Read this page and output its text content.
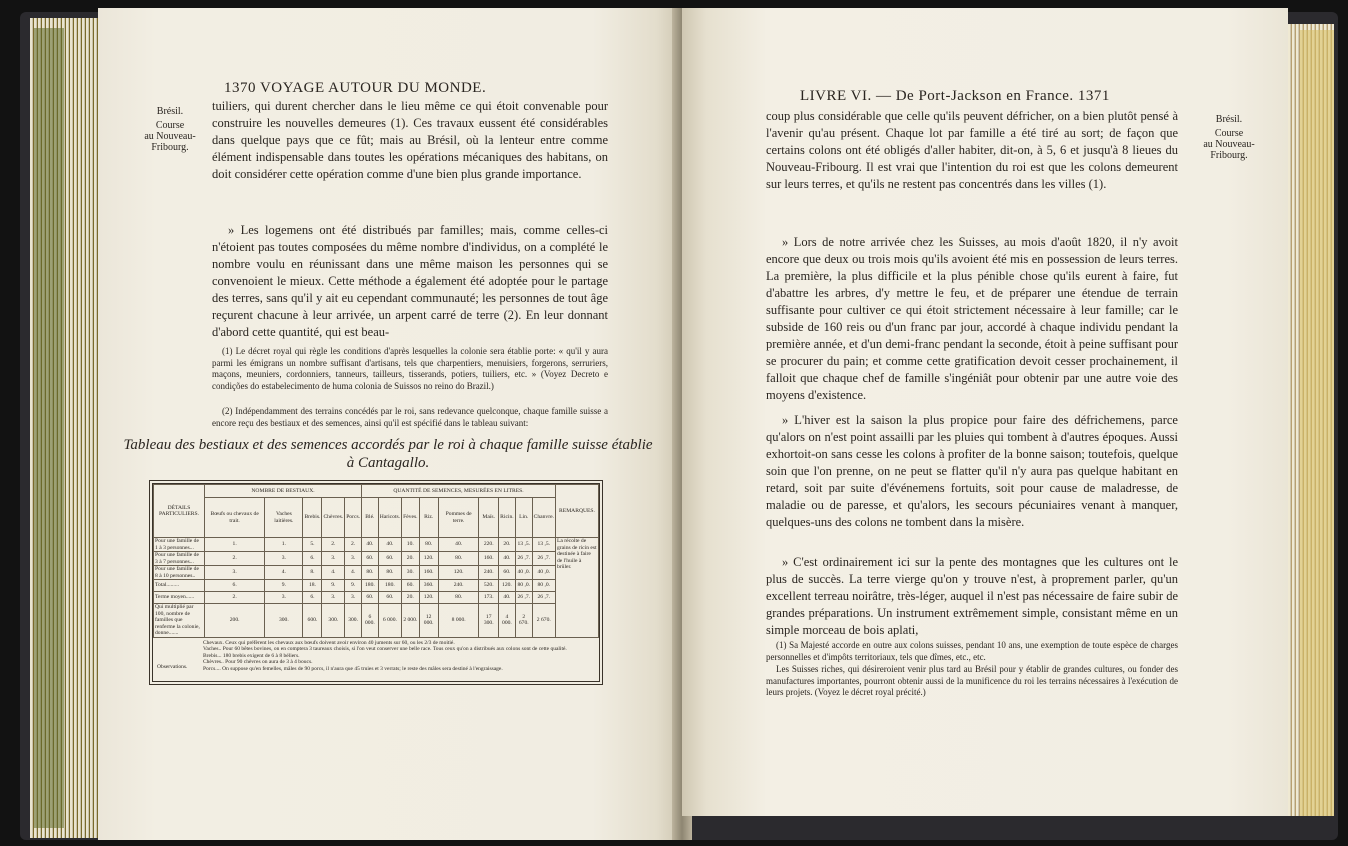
1370 VOYAGE AUTOUR DU MONDE.
Brésil.
Course
au Nouveau-
Fribourg.

tuiliers, qui durent chercher dans le lieu même ce qui étoit convenable pour construire les nouvelles demeures (1). Ces travaux eussent été considérables dans quelque pays que ce fût; mais au Brésil, où la lenteur entre comme élément indispensable dans toutes les opérations mécaniques des habitans, on doit considérer cette opération comme d'une bien plus grande importance.

» Les logemens ont été distribués par familles; mais, comme celles-ci n'étoient pas toutes composées du même nombre d'individus, on a complété le nombre voulu en réunissant dans une même maison les personnes qui se convenoient le mieux. Cette méthode a également été adoptée pour le partage des terres, sans qu'il y ait eu cependant communauté; les personnes de tout âge reçurent chacune à leur arrivée, un arpent carré de terre (2). En leur donnant d'abord cette quantité, qui est beau-

(1) Le décret royal qui règle les conditions d'après lesquelles la colonie sera établie porte: « qu'il y aura parmi les émigrans un nombre suffisant d'artisans, tels que charpentiers, menuisiers, forgerons, serruriers, maçons, meuniers, cordonniers, tanneurs, tailleurs, tisserands, potiers, tuiliers, etc. » (Voyez Decreto e condições do estabelecimento de huma colonia de Suissos no reino do Brazil.)

(2) Indépendamment des terrains concédés par le roi, sans redevance quelconque, chaque famille suisse a encore reçu des bestiaux et des semences, ainsi qu'il est spécifié dans le tableau suivant:

Tableau des bestiaux et des semences accordés par le roi à chaque famille suisse établie à Cantagallo.
DÉTAILS PARTICULIERS.	NOMBRE DE BESTIAUX.					QUANTITÉ DE SEMENCES, MESURÉES EN LITRES.									REMARQUES.
	Bœufs ou chevaux de trait.	Vaches laitières.	Brebis.	Chèvres.	Porcs.	Blé.	Haricots.	Fèves.	Riz.	Pommes de terre.	Maïs.	Ricin.	Lin.	Chanvre.	
Pour une famille de 1 à 3 personnes...	1.	1.	5.	2.	2.	40.	40.	10.	80.	40.	220.	20.	13 ,5.	13 ,5.	La récolte de grains de ricin est destinée à faire de l'huile à brûler.
Pour une famille de 3 à 7 personnes...	2.	3.	6.	3.	3.	60.	60.	20.	120.	80.	160.	40.	26 ,7.	26 ,7.	
Pour une famille de 8 à 10 personnes..	3.	4.	8.	4.	4.	80.	80.	30.	160.	120.	240.	60.	40 ,0.	40 ,0.	
Total.........	6.	9.	18.	9.	9.	180.	180.	60.	360.	240.	520.	120.	80 ,0.	80 ,0.	
Terme moyen......	2.	3.	6.	3.	3.	60.	60.	20.	120.	80.	173.	40.	26 ,7.	26 ,7.	
Qui multiplié par 100, nombre de familles que renferme la colonie, donne.......	200.	300.	600.	300.	300.	6 000.	6 000.	2 000.	12 000.	8 000.	17 300.	4 000.	2 670.	2 670.	
Observations.
Chevaux. Ceux qui préfèrent les chevaux aux bœufs doivent avoir environ 40 juments sur 60, ou les 2/3 de moitié.
Vaches.. Pour 60 bêtes bovines, on en comptera 3 taureaux choisis, si l'on veut conserver une belle race. Tous ceux qu'on a distribués aux colons sont de cette qualité.
Brebis... 180 brebis exigent de 6 à 8 béliers.
Chèvres.. Pour 90 chèvres on aura de 3 à 4 boucs.
Porcs.... On suppose qu'en femelles, mâles de 90 porcs, il n'aura que 45 truies et 3 verrats; le reste des mâles sera destiné à l'engraissage.
LIVRE VI. — De Port-Jackson en France. 1371
Brésil.
Course
au Nouveau-
Fribourg.

coup plus considérable que celle qu'ils peuvent défricher, on a bien plutôt pensé à l'avenir qu'au présent. Chaque lot par famille a été tiré au sort; de façon que certains colons ont été obligés d'aller habiter, dit-on, à 5, 6 et jusqu'à 8 lieues du Nouveau-Fribourg. Il est vrai que l'intention du roi est que les colons demeurent sur leurs terres, et qu'ils ne restent pas concentrés dans les villes (1).

» Lors de notre arrivée chez les Suisses, au mois d'août 1820, il n'y avoit encore que deux ou trois mois qu'ils avoient été mis en possession de leurs terres. La première, la plus difficile et la plus pénible chose qu'ils eurent à faire, fut d'abattre les arbres, d'y mettre le feu, et de préparer une étendue de terrain suffisante pour cultiver ce qui étoit strictement nécessaire à leur famille; car le subside de 160 reis ou d'un franc par jour, accordé à chaque individu pendant la première année, et d'un demi-franc pendant la seconde, étoit à peine suffisant pour se procurer du pain; et comme cette gratification devoit cesser prochainement, il falloit que chaque chef de famille s'ingéniât pour obtenir par une autre voie des moyens d'existence.

» L'hiver est la saison la plus propice pour faire des défrichemens, parce qu'alors on n'est point assailli par les pluies qui tombent à d'autres époques. Aussi exhortoit-on sans cesse les colons à profiter de la bonne saison; toutefois, quelque soin que l'on prenne, on ne peut se flatter qu'il n'y aura pas quelque habitant en retard, soit par suite d'événemens fortuits, soit pour cause de maladresse, de maladie ou de paresse, et qu'alors, les secours pécuniaires venant à manquer, quelques-uns des colons ne tombent dans la misère.

» C'est ordinairement ici sur la pente des montagnes que les cultures ont le plus de succès. La terre vierge qu'on y trouve n'est, à proprement parler, qu'un excellent terreau noirâtre, très-léger, auquel il n'est pas nécessaire de faire subir de grandes préparations. Un instrument extrêmement simple, consistant même en un simple morceau de bois aplati,

(1) Sa Majesté accorde en outre aux colons suisses, pendant 10 ans, une exemption de toute espèce de charges personnelles et d'impôts territoriaux, tels que dîmes, etc., etc.

Les Suisses riches, qui désireroient venir plus tard au Brésil pour y établir de grandes cultures, ou fonder des manufactures importantes, pourront obtenir aussi de la munificence du roi les terrains nécessaires à l'exécution de leurs projets. (Voyez le décret royal précité.)
